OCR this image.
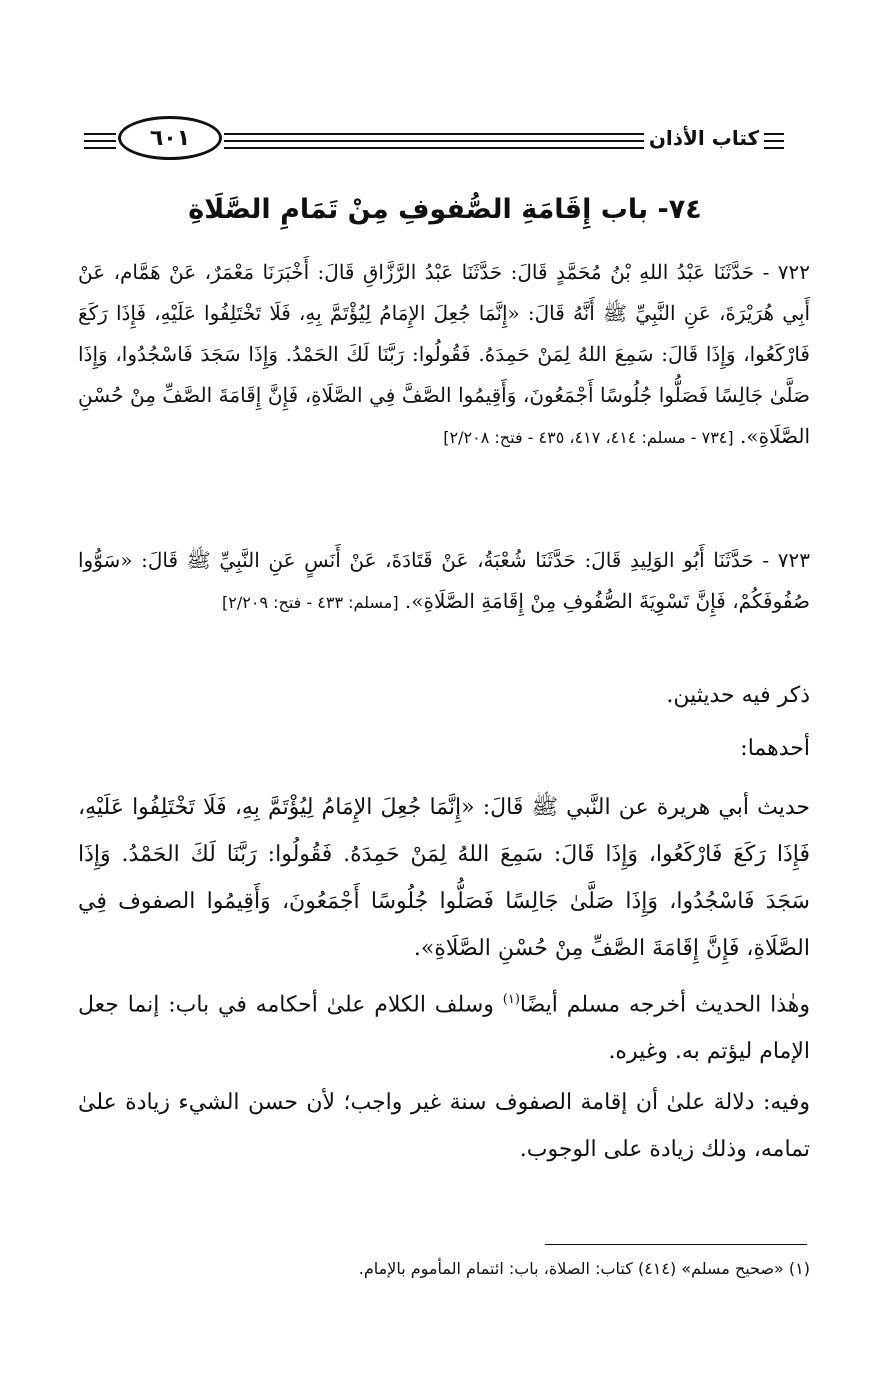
كتاب الأذان
٦٠١
٧٤- باب إِقَامَةِ الصُّفوفِ مِنْ تَمَامِ الصَّلَاةِ

٧٢٢ - حَدَّثَنَا عَبْدُ اللهِ بْنُ مُحَمَّدٍ قَالَ: حَدَّثَنَا عَبْدُ الرَّزَّاقِ قَالَ: أَخْبَرَنَا مَعْمَرٌ، عَنْ هَمَّام، عَنْ أَبِي هُرَيْرَةَ، عَنِ النَّبِيِّ ﷺ أَنَّهُ قَالَ: «إِنَّمَا جُعِلَ الإِمَامُ لِيُؤْتَمَّ بِهِ، فَلَا تَخْتَلِفُوا عَلَيْهِ، فَإِذَا رَكَعَ فَارْكَعُوا، وَإِذَا قَالَ: سَمِعَ اللهُ لِمَنْ حَمِدَهُ. فَقُولُوا: رَبَّنَا لَكَ الحَمْدُ. وَإِذَا سَجَدَ فَاسْجُدُوا، وَإِذَا صَلَّىٰ جَالِسًا فَصَلُّوا جُلُوسًا أَجْمَعُونَ، وَأَقِيمُوا الصَّفَّ فِي الصَّلَاةِ، فَإِنَّ إِقَامَةَ الصَّفِّ مِنْ حُسْنِ الصَّلَاةِ». [٧٣٤ - مسلم: ٤١٤، ٤١٧، ٤٣٥ - فتح: ٢/٢٠٨]

٧٢٣ - حَدَّثَنَا أَبُو الوَلِيدِ قَالَ: حَدَّثَنَا شُعْبَةُ، عَنْ قَتَادَةَ، عَنْ أَنَسٍ عَنِ النَّبِيِّ ﷺ قَالَ: «سَوُّوا صُفُوفَكُمْ، فَإِنَّ تَسْوِيَةَ الصُّفُوفِ مِنْ إِقَامَةِ الصَّلَاةِ». [مسلم: ٤٣٣ - فتح: ٢/٢٠٩]

ذكر فيه حديثين.

أحدهما:

حديث أبي هريرة عن النَّبي ﷺ قَالَ: «إِنَّمَا جُعِلَ الإِمَامُ لِيُؤْتَمَّ بِهِ، فَلَا تَخْتَلِفُوا عَلَيْهِ، فَإِذَا رَكَعَ فَارْكَعُوا، وَإِذَا قَالَ: سَمِعَ اللهُ لِمَنْ حَمِدَهُ. فَقُولُوا: رَبَّنَا لَكَ الحَمْدُ. وَإِذَا سَجَدَ فَاسْجُدُوا، وَإِذَا صَلَّىٰ جَالِسًا فَصَلُّوا جُلُوسًا أَجْمَعُونَ، وَأَقِيمُوا الصفوف فِي الصَّلَاةِ، فَإِنَّ إِقَامَةَ الصَّفِّ مِنْ حُسْنِ الصَّلَاةِ».

وهٰذا الحديث أخرجه مسلم أيضًا$^{(١)}$ وسلف الكلام علىٰ أحكامه في باب: إنما جعل الإمام ليؤتم به. وغيره.

وفيه: دلالة علىٰ أن إقامة الصفوف سنة غير واجب؛ لأن حسن الشيء زيادة علىٰ تمامه، وذلك زيادة على الوجوب.

(١) «صحيح مسلم» (٤١٤) كتاب: الصلاة، باب: ائتمام المأموم بالإمام.
